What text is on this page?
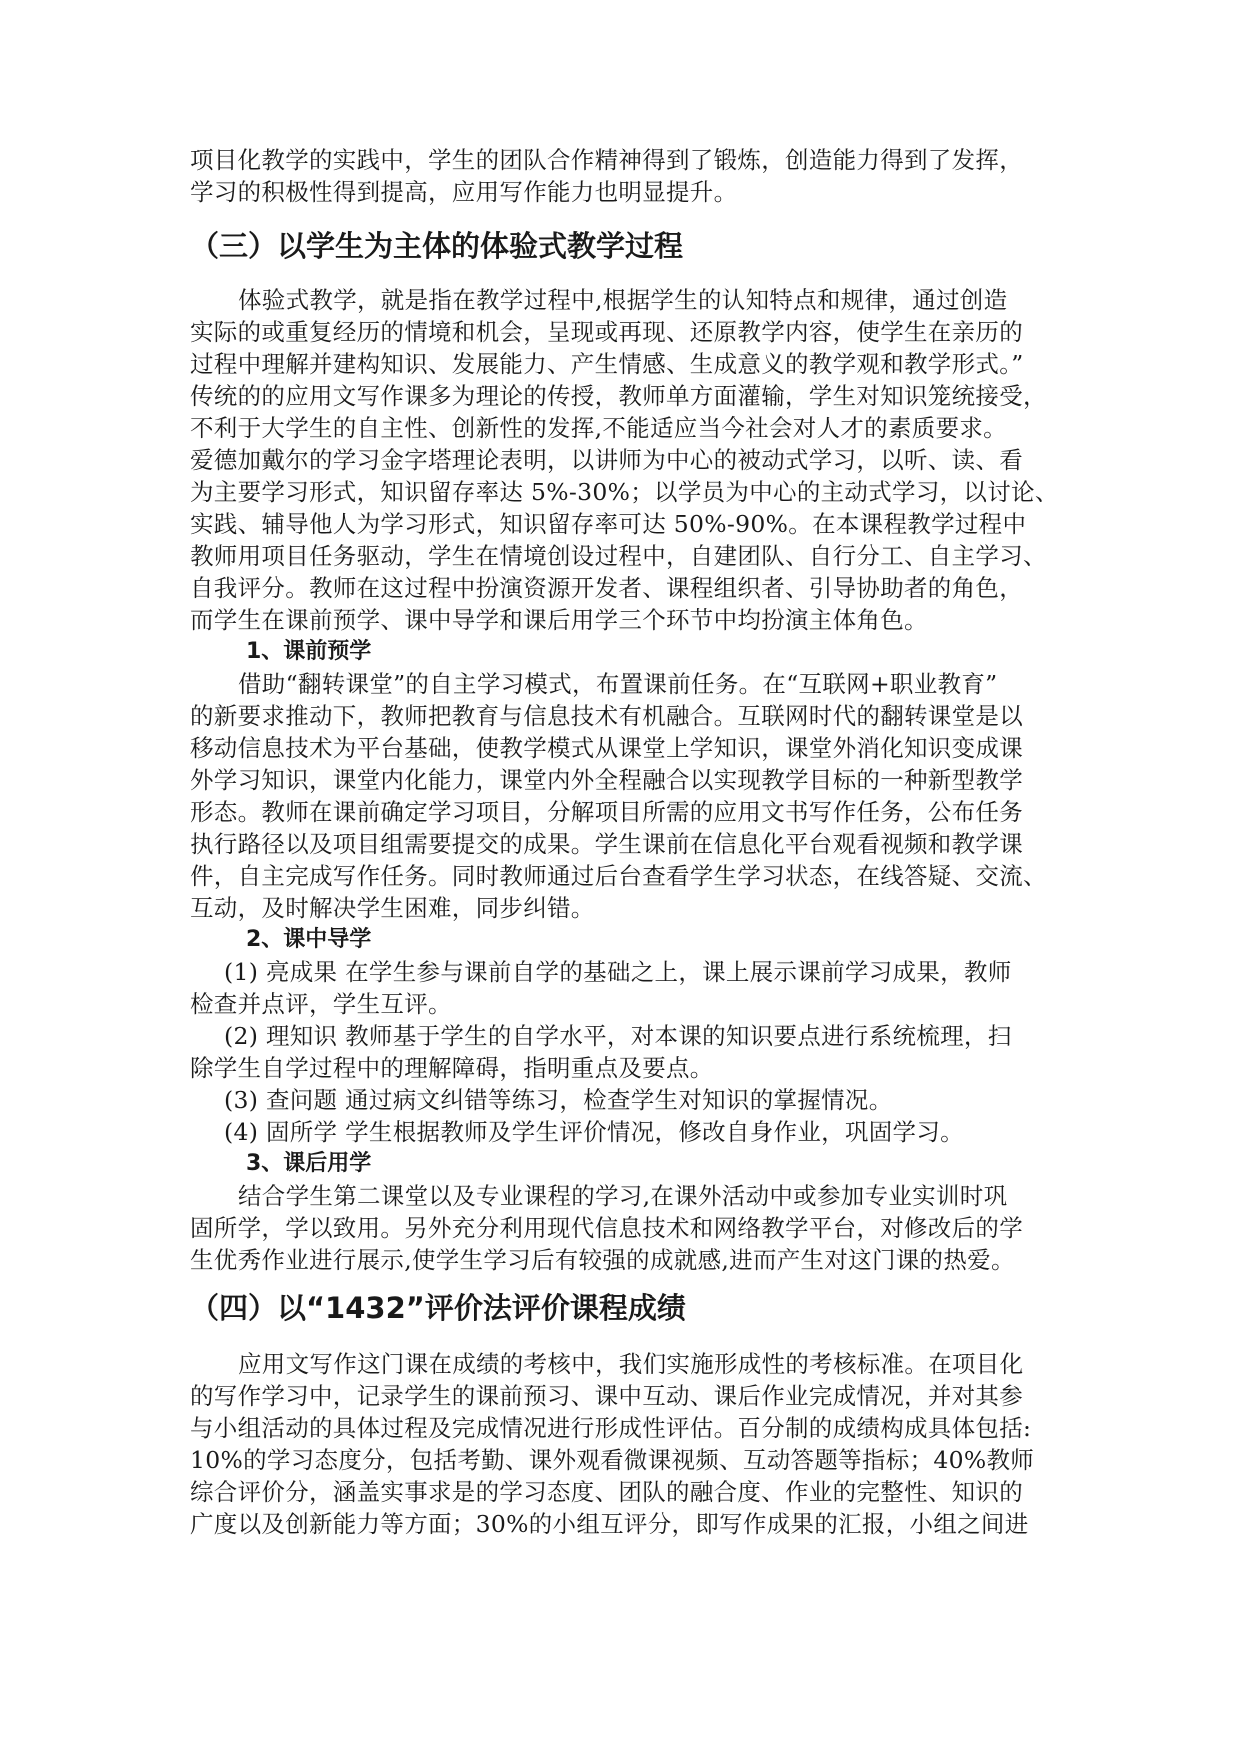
项目化教学的实践中，学生的团队合作精神得到了锻炼，创造能力得到了发挥，
学习的积极性得到提高，应用写作能力也明显提升。
（三）以学生为主体的体验式教学过程
体验式教学，就是指在教学过程中,根据学生的认知特点和规律，通过创造
实际的或重复经历的情境和机会，呈现或再现、还原教学内容，使学生在亲历的
过程中理解并建构知识、发展能力、产生情感、生成意义的教学观和教学形式。”
传统的的应用文写作课多为理论的传授，教师单方面灌输，学生对知识笼统接受，
不利于大学生的自主性、创新性的发挥,不能适应当今社会对人才的素质要求。
爱德加戴尔的学习金字塔理论表明，以讲师为中心的被动式学习，以听、读、看
为主要学习形式，知识留存率达 5%-30%；以学员为中心的主动式学习，以讨论、
实践、辅导他人为学习形式，知识留存率可达 50%-90%。在本课程教学过程中
教师用项目任务驱动，学生在情境创设过程中，自建团队、自行分工、自主学习、
自我评分。教师在这过程中扮演资源开发者、课程组织者、引导协助者的角色，
而学生在课前预学、课中导学和课后用学三个环节中均扮演主体角色。
1、课前预学
借助“翻转课堂”的自主学习模式，布置课前任务。在“互联网+职业教育”
的新要求推动下，教师把教育与信息技术有机融合。互联网时代的翻转课堂是以
移动信息技术为平台基础，使教学模式从课堂上学知识，课堂外消化知识变成课
外学习知识，课堂内化能力，课堂内外全程融合以实现教学目标的一种新型教学
形态。教师在课前确定学习项目，分解项目所需的应用文书写作任务，公布任务
执行路径以及项目组需要提交的成果。学生课前在信息化平台观看视频和教学课
件，自主完成写作任务。同时教师通过后台查看学生学习状态，在线答疑、交流、
互动，及时解决学生困难，同步纠错。
2、课中导学
(1) 亮成果 在学生参与课前自学的基础之上，课上展示课前学习成果，教师
检查并点评，学生互评。
(2) 理知识 教师基于学生的自学水平，对本课的知识要点进行系统梳理，扫
除学生自学过程中的理解障碍，指明重点及要点。
(3) 查问题 通过病文纠错等练习，检查学生对知识的掌握情况。
(4) 固所学 学生根据教师及学生评价情况，修改自身作业，巩固学习。
3、课后用学
结合学生第二课堂以及专业课程的学习,在课外活动中或参加专业实训时巩
固所学，学以致用。另外充分利用现代信息技术和网络教学平台，对修改后的学
生优秀作业进行展示,使学生学习后有较强的成就感,进而产生对这门课的热爱。
（四）以“1432”评价法评价课程成绩
应用文写作这门课在成绩的考核中，我们实施形成性的考核标准。在项目化
的写作学习中，记录学生的课前预习、课中互动、课后作业完成情况，并对其参
与小组活动的具体过程及完成情况进行形成性评估。百分制的成绩构成具体包括:
10%的学习态度分，包括考勤、课外观看微课视频、互动答题等指标；40%教师
综合评价分，涵盖实事求是的学习态度、团队的融合度、作业的完整性、知识的
广度以及创新能力等方面；30%的小组互评分，即写作成果的汇报，小组之间进
